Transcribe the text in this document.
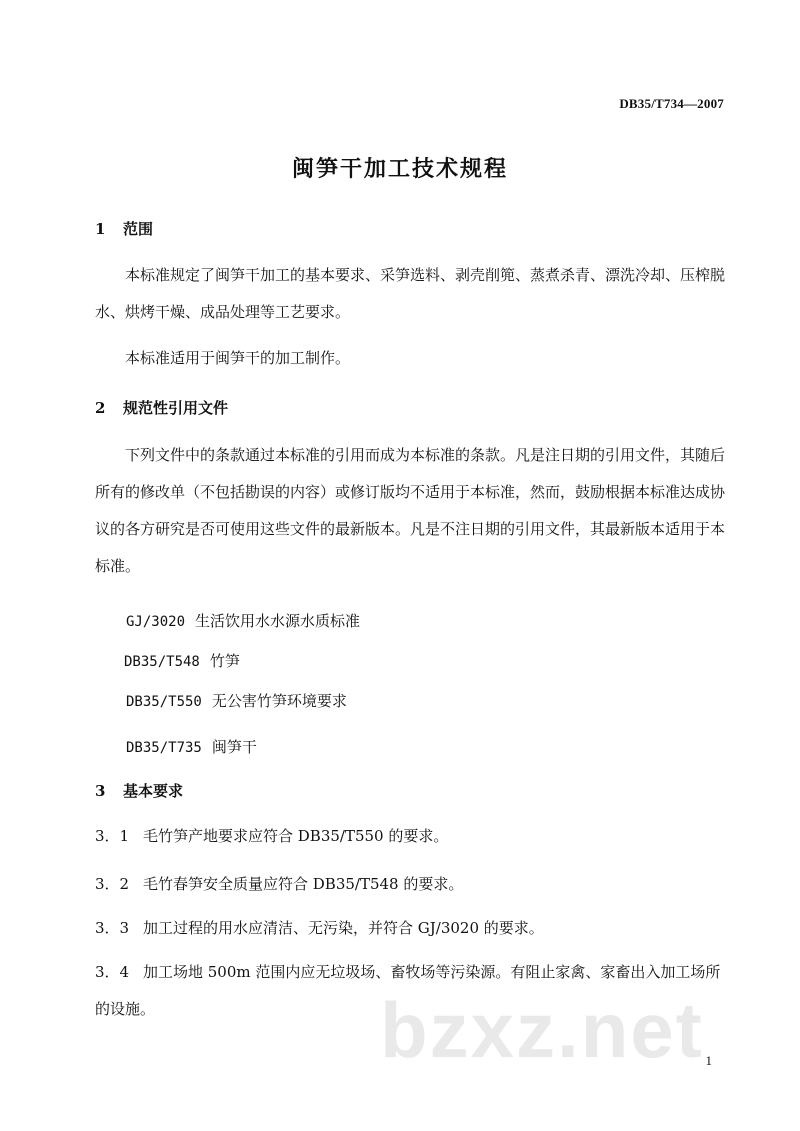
DB35/T734—2007
闽笋干加工技术规程
1 范围
本标准规定了闽笋干加工的基本要求、采笋选料、剥壳削篼、蒸煮杀青、漂洗冷却、压榨脱水、烘烤干燥、成品处理等工艺要求。
本标准适用于闽笋干的加工制作。
2 规范性引用文件
下列文件中的条款通过本标准的引用而成为本标准的条款。凡是注日期的引用文件，其随后所有的修改单（不包括勘误的内容）或修订版均不适用于本标准，然而，鼓励根据本标准达成协议的各方研究是否可使用这些文件的最新版本。凡是不注日期的引用文件，其最新版本适用于本标准。
GJ/3020 生活饮用水水源水质标准
DB35/T548 竹笋
DB35/T550 无公害竹笋环境要求
DB35/T735 闽笋干
3 基本要求
3．1 毛竹笋产地要求应符合 DB35/T550 的要求。
3．2 毛竹春笋安全质量应符合 DB35/T548 的要求。
3．3 加工过程的用水应清洁、无污染，并符合 GJ/3020 的要求。
3．4 加工场地 500m 范围内应无垃圾场、畜牧场等污染源。有阻止家禽、家畜出入加工场所的设施。	bzxz.net 1
